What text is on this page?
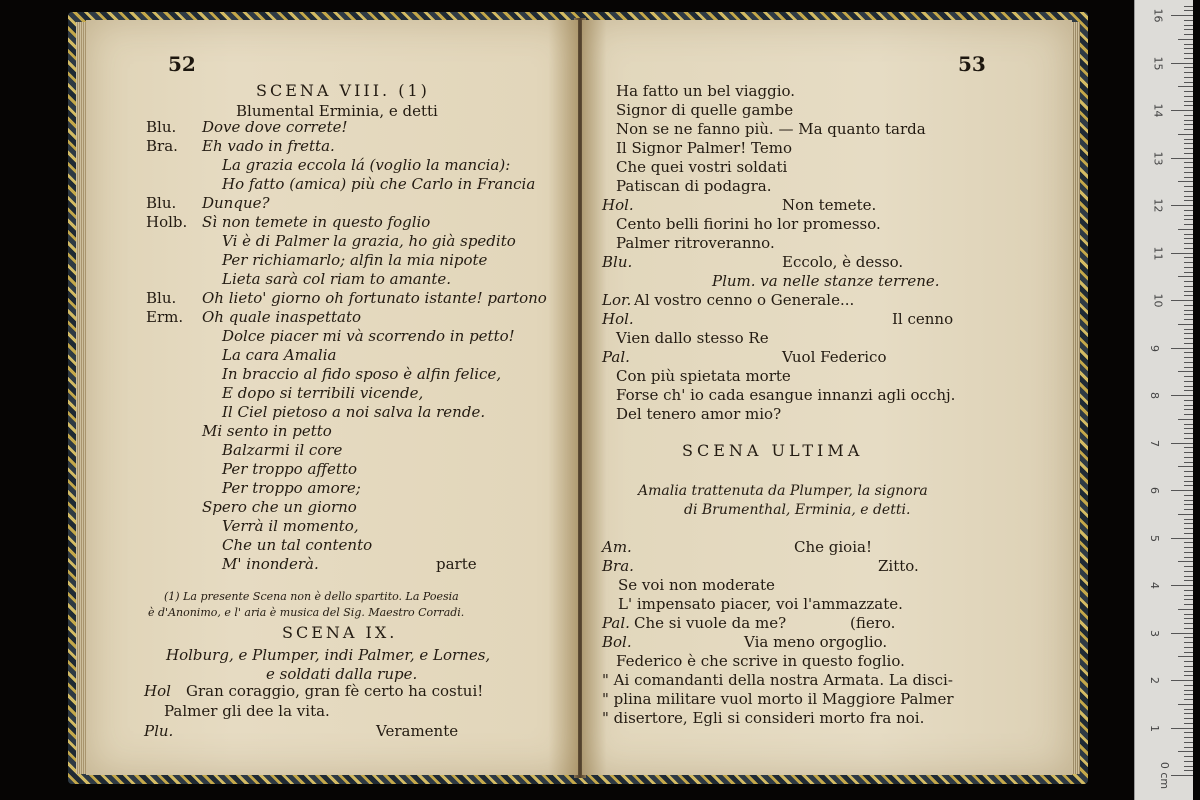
52
SCENA VIII. (1)
Blumental Erminia, e detti
Blu. Dove dove correte!
Bra. Eh vado in fretta.
La grazia eccola lá (voglio la mancia):
Ho fatto (amica) più che Carlo in Francia
Blu. Dunque?
Holb. Sì non temete in questo foglio
Vi è di Palmer la grazia, ho già spedito
Per richiamarlo; alfin la mia nipote
Lieta sarà col riam to amante.
Blu. Oh lieto' giorno oh fortunato istante! partono
Erm. Oh quale inaspettato
Dolce piacer mi và scorrendo in petto!
La cara Amalia
In braccio al fido sposo è alfin felice,
E dopo si terribili vicende,
Il Ciel pietoso a noi salva la rende.
Mi sento in petto
Balzarmi il core
Per troppo affetto
Per troppo amore;
Spero che un giorno
Verrà il momento,
Che un tal contento
M' inonderà.	parte
(1) La presente Scena non è dello spartito. La Poesia
è d'Anonimo, e l' aria è musica del Sig. Maestro Corradi.
SCENA IX.
Holburg, e Plumper, indi Palmer, e Lornes,
e soldati dalla rupe.
Hol Gran coraggio, gran fè certo ha costui!
Palmer gli dee la vita.
Plu.	Veramente
53
Ha fatto un bel viaggio.
Signor di quelle gambe
Non se ne fanno più. — Ma quanto tarda
Il Signor Palmer! Temo
Che quei vostri soldati
Patiscan di podagra.
Hol.	Non temete.
Cento belli fiorini ho lor promesso.
Palmer ritroveranno.
Blu.	Eccolo, è desso.
Plum. va nelle stanze terrene.
Lor. Al vostro cenno o Generale...
Hol.	Il cenno
Vien dallo stesso Re
Pal.	Vuol Federico
Con più spietata morte
Forse ch' io cada esangue innanzi agli occhj.
Del tenero amor mio?
SCENA ULTIMA
Amalia trattenuta da Plumper, la signora
di Brumenthal, Erminia, e detti.
Am.	Che gioia!
Bra.	Zitto.
Se voi non moderate
L' impensato piacer, voi l'ammazzate.
Pal. Che si vuole da me?	(fiero.
Bol.	Via meno orgoglio.
Federico è che scrive in questo foglio.
" Ai comandanti della nostra Armata. La disci-
" plina militare vuol morto il Maggiore Palmer
" disertore, Egli si consideri morto fra noi.
0 cm
1
2
3
4
5
6
7
8
9
10
11
12
13
14
15
16
